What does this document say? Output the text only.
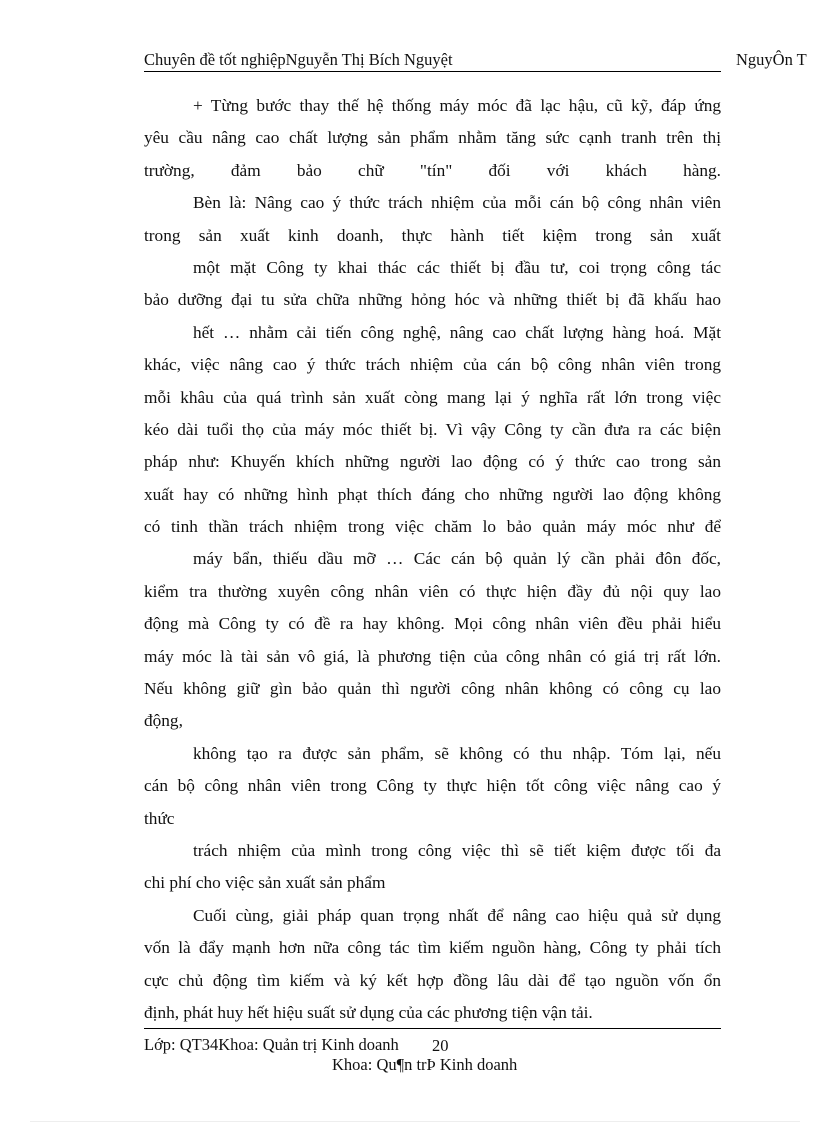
Chuyên đề tốt nghiệpNguyễn Thị Bích Nguyệt	NguyÔn T
+ Từng bước thay thế hệ thống máy móc đã lạc hậu, cũ kỹ, đáp ứng
yêu cầu nâng cao chất lượng sản phẩm nhằm tăng sức cạnh tranh trên thị
trường, đảm bảo chữ "tín" đối với khách hàng.
Bèn là: Nâng cao ý thức trách nhiệm của mỗi cán bộ công nhân viên
trong sản xuất kinh doanh, thực hành tiết kiệm trong sản xuất
một mặt Công ty khai thác các thiết bị đầu tư, coi trọng công tác
bảo dưỡng đại tu sửa chữa những hỏng hóc và những thiết bị đã khấu hao
hết … nhằm cải tiến công nghệ, nâng cao chất lượng hàng hoá. Mặt
khác, việc nâng cao ý thức trách nhiệm của cán bộ công nhân viên trong
mỗi khâu của quá trình sản xuất còng mang lại ý nghĩa rất lớn trong việc
kéo dài tuổi thọ của máy móc thiết bị. Vì vậy Công ty cần đưa ra các biện
pháp như: Khuyến khích những người lao động có ý thức cao trong sản
xuất hay có những hình phạt thích đáng cho những người lao động không
có tinh thần trách nhiệm trong việc chăm lo bảo quản máy móc như để
máy bẩn, thiếu dầu mỡ … Các cán bộ quản lý cần phải đôn đốc,
kiểm tra thường xuyên công nhân viên có thực hiện đầy đủ nội quy lao
động mà Công ty có đề ra hay không. Mọi công nhân viên đều phải hiểu
máy móc là tài sản vô giá, là phương tiện của công nhân có giá trị rất lớn.
Nếu không giữ gìn bảo quản thì người công nhân không có công cụ lao
động,
không tạo ra được sản phẩm, sẽ không có thu nhập. Tóm lại, nếu
cán bộ công nhân viên trong Công ty thực hiện tốt công việc nâng cao ý
thức
trách nhiệm của mình trong công việc thì sẽ tiết kiệm được tối đa
chi phí cho việc sản xuất sản phẩm
Cuối cùng, giải pháp quan trọng nhất để nâng cao hiệu quả sử dụng
vốn là đẩy mạnh hơn nữa công tác tìm kiếm nguồn hàng, Công ty phải tích
cực chủ động tìm kiếm và ký kết hợp đồng lâu dài để tạo nguồn vốn ổn
định, phát huy hết hiệu suất sử dụng của các phương tiện vận tải.
Lớp: QT34Khoa: Quản trị Kinh doanh 20
Khoa: Qu¶n trÞ Kinh doanh
